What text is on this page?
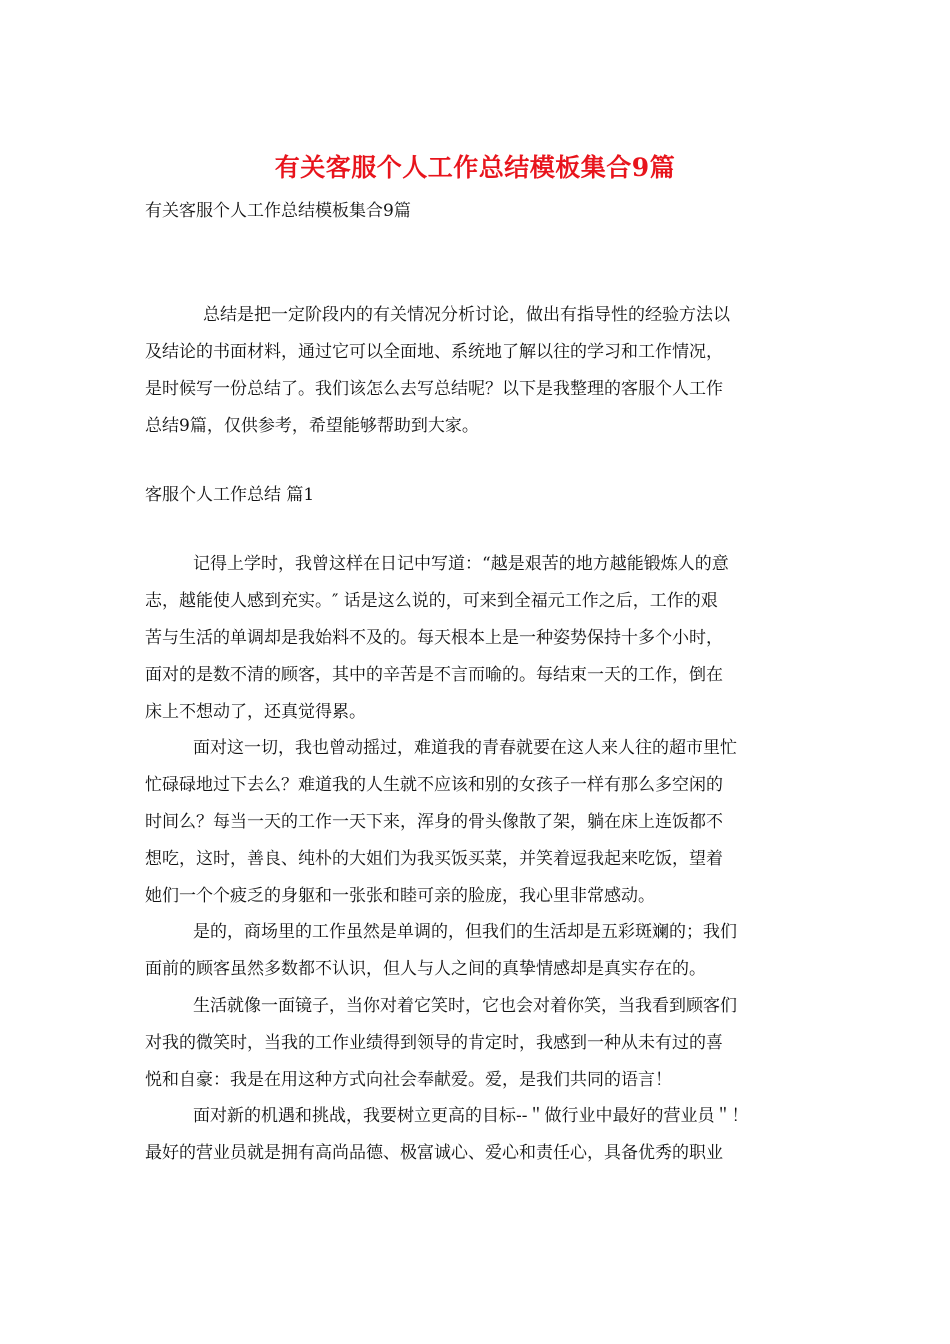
有关客服个人工作总结模板集合9篇
有关客服个人工作总结模板集合9篇
总结是把一定阶段内的有关情况分析讨论，做出有指导性的经验方法以
及结论的书面材料，通过它可以全面地、系统地了解以往的学习和工作情况，
是时候写一份总结了。我们该怎么去写总结呢？以下是我整理的客服个人工作
总结9篇，仅供参考，希望能够帮助到大家。
客服个人工作总结 篇1
记得上学时，我曾这样在日记中写道：“越是艰苦的地方越能锻炼人的意
志，越能使人感到充实。″ 话是这么说的，可来到全福元工作之后，工作的艰
苦与生活的单调却是我始料不及的。每天根本上是一种姿势保持十多个小时，
面对的是数不清的顾客，其中的辛苦是不言而喻的。每结束一天的工作，倒在
床上不想动了，还真觉得累。
面对这一切，我也曾动摇过，难道我的青春就要在这人来人往的超市里忙
忙碌碌地过下去么？难道我的人生就不应该和别的女孩子一样有那么多空闲的
时间么？每当一天的工作一天下来，浑身的骨头像散了架，躺在床上连饭都不
想吃，这时，善良、纯朴的大姐们为我买饭买菜，并笑着逗我起来吃饭，望着
她们一个个疲乏的身躯和一张张和睦可亲的脸庞，我心里非常感动。
是的，商场里的工作虽然是单调的，但我们的生活却是五彩斑斓的；我们
面前的顾客虽然多数都不认识，但人与人之间的真挚情感却是真实存在的。
生活就像一面镜子，当你对着它笑时，它也会对着你笑，当我看到顾客们
对我的微笑时，当我的工作业绩得到领导的肯定时，我感到一种从未有过的喜
悦和自豪：我是在用这种方式向社会奉献爱。爱，是我们共同的语言！
面对新的机遇和挑战，我要树立更高的目标--＂做行业中最好的营业员＂！
最好的营业员就是拥有高尚品德、极富诚心、爱心和责任心，具备优秀的职业
